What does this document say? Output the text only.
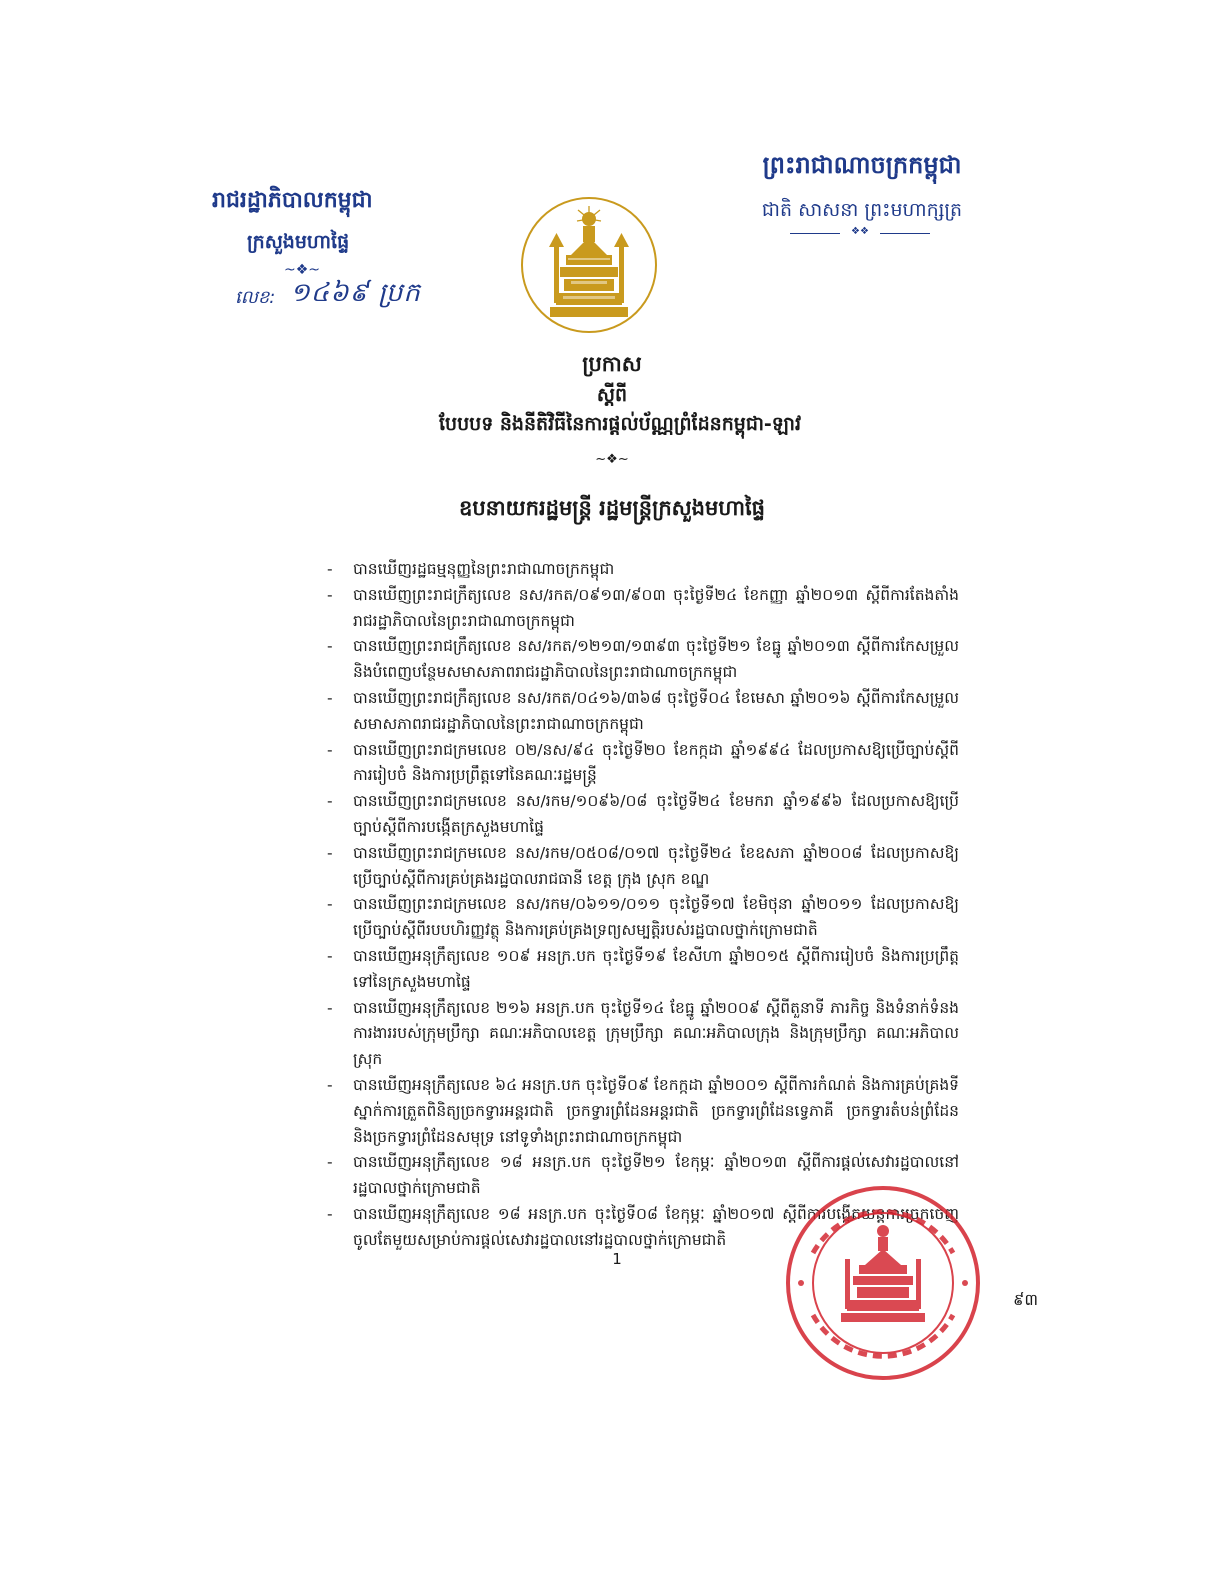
ព្រះរាជាណាចក្រកម្ពុជា
ជាតិ សាសនា ព្រះមហាក្សត្រ
❖❖
រាជរដ្ឋាភិបាលកម្ពុជា
ក្រសួងមហាផ្ទៃ
~❖~
លេខ: ១៤៦៩ ប្រក
ប្រកាស
ស្តីពី
បែបបទ និងនីតិវិធីនៃការផ្តល់ប័ណ្ណព្រំដែនកម្ពុជា-ឡាវ
~❖~
ឧបនាយករដ្ឋមន្ត្រី រដ្ឋមន្ត្រីក្រសួងមហាផ្ទៃ
- បានឃើញរដ្ឋធម្មនុញ្ញនៃព្រះរាជាណាចក្រកម្ពុជា
- បានឃើញព្រះរាជក្រឹត្យលេខ នស/រកត/០៩១៣/៩០៣ ចុះថ្ងៃទី២៤ ខែកញ្ញា ឆ្នាំ២០១៣ ស្តីពីការតែងតាំងរាជរដ្ឋាភិបាលនៃព្រះរាជាណាចក្រកម្ពុជា
- បានឃើញព្រះរាជក្រឹត្យលេខ នស/រកត/១២១៣/១៣៩៣ ចុះថ្ងៃទី២១ ខែធ្នូ ឆ្នាំ២០១៣ ស្តីពីការកែសម្រួល និងបំពេញបន្ថែមសមាសភាពរាជរដ្ឋាភិបាលនៃព្រះរាជាណាចក្រកម្ពុជា
- បានឃើញព្រះរាជក្រឹត្យលេខ នស/រកត/០៤១៦/៣៦៨ ចុះថ្ងៃទី០៤ ខែមេសា ឆ្នាំ២០១៦ ស្តីពីការកែសម្រួលសមាសភាពរាជរដ្ឋាភិបាលនៃព្រះរាជាណាចក្រកម្ពុជា
- បានឃើញព្រះរាជក្រមលេខ ០២/នស/៩៤ ចុះថ្ងៃទី២០ ខែកក្កដា ឆ្នាំ១៩៩៤ ដែលប្រកាសឱ្យប្រើច្បាប់ស្តីពីការរៀបចំ និងការប្រព្រឹត្តទៅនៃគណៈរដ្ឋមន្ត្រី
- បានឃើញព្រះរាជក្រមលេខ នស/រកម/១០៩៦/០៨ ចុះថ្ងៃទី២៤ ខែមករា ឆ្នាំ១៩៩៦ ដែលប្រកាសឱ្យប្រើច្បាប់ស្តីពីការបង្កើតក្រសួងមហាផ្ទៃ
- បានឃើញព្រះរាជក្រមលេខ នស/រកម/០៥០៨/០១៧ ចុះថ្ងៃទី២៤ ខែឧសភា ឆ្នាំ២០០៨ ដែលប្រកាសឱ្យប្រើច្បាប់ស្តីពីការគ្រប់គ្រងរដ្ឋបាលរាជធានី ខេត្ត ក្រុង ស្រុក ខណ្ឌ
- បានឃើញព្រះរាជក្រមលេខ នស/រកម/០៦១១/០១១ ចុះថ្ងៃទី១៧ ខែមិថុនា ឆ្នាំ២០១១ ដែលប្រកាសឱ្យប្រើច្បាប់ស្តីពីរបបហិរញ្ញវត្ថុ និងការគ្រប់គ្រងទ្រព្យសម្បត្តិរបស់រដ្ឋបាលថ្នាក់ក្រោមជាតិ
- បានឃើញអនុក្រឹត្យលេខ ១០៩ អនក្រ.បក ចុះថ្ងៃទី១៩ ខែសីហា ឆ្នាំ២០១៥ ស្តីពីការរៀបចំ និងការប្រព្រឹត្តទៅនៃក្រសួងមហាផ្ទៃ
- បានឃើញអនុក្រឹត្យលេខ ២១៦ អនក្រ.បក ចុះថ្ងៃទី១៤ ខែធ្នូ ឆ្នាំ២០០៩ ស្តីពីតួនាទី ភារកិច្ច និងទំនាក់ទំនងការងាររបស់ក្រុមប្រឹក្សា គណៈអភិបាលខេត្ត ក្រុមប្រឹក្សា គណៈអភិបាលក្រុង និងក្រុមប្រឹក្សា គណៈអភិបាលស្រុក
- បានឃើញអនុក្រឹត្យលេខ ៦៤ អនក្រ.បក ចុះថ្ងៃទី០៩ ខែកក្កដា ឆ្នាំ២០០១ ស្តីពីការកំណត់ និងការគ្រប់គ្រងទីស្នាក់ការត្រួតពិនិត្យច្រកទ្វារអន្តរជាតិ ច្រកទ្វារព្រំដែនអន្តរជាតិ ច្រកទ្វារព្រំដែនទ្វេភាគី ច្រកទ្វារតំបន់ព្រំដែន និងច្រកទ្វារព្រំដែនសមុទ្រ នៅទូទាំងព្រះរាជាណាចក្រកម្ពុជា
- បានឃើញអនុក្រឹត្យលេខ ១៨ អនក្រ.បក ចុះថ្ងៃទី២១ ខែកុម្ភៈ ឆ្នាំ២០១៣ ស្តីពីការផ្តល់សេវារដ្ឋបាលនៅរដ្ឋបាលថ្នាក់ក្រោមជាតិ
- បានឃើញអនុក្រឹត្យលេខ ១៨ អនក្រ.បក ចុះថ្ងៃទី០៨ ខែកុម្ភៈ ឆ្នាំ២០១៧ ស្តីពីការបង្កើតយន្តការច្រកចេញចូលតែមួយសម្រាប់ការផ្តល់សេវារដ្ឋបាលនៅរដ្ឋបាលថ្នាក់ក្រោមជាតិ
1
៩៣
